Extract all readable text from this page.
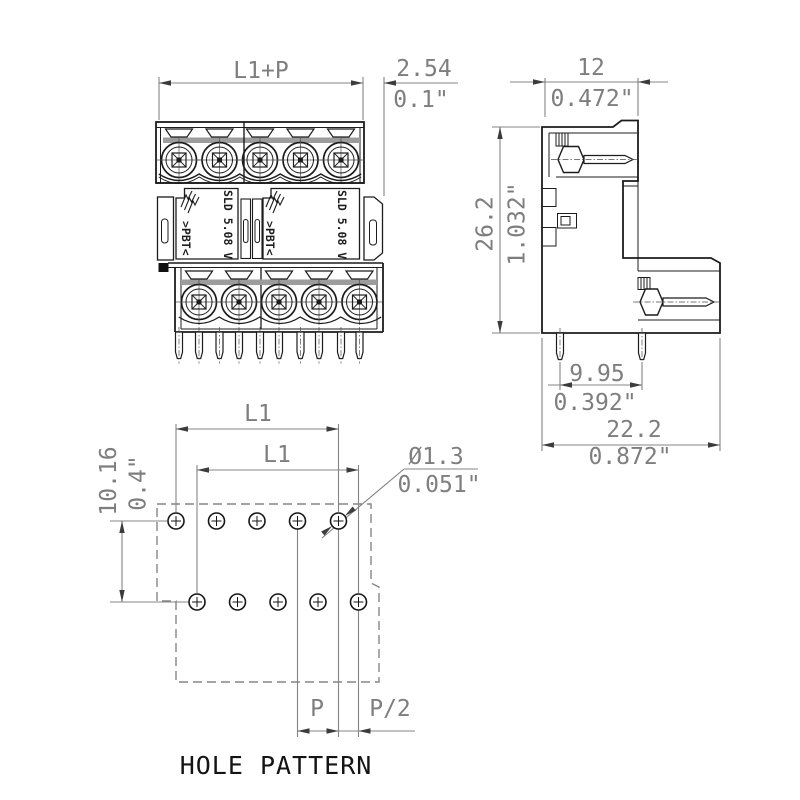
SLD 5.08 V	SLD 5.08 V
>PBT<	>PBT<
L1+P	2.54
0.1"
12
0.472"
26.2 1.032"
9.95
0.392"
22.2
0.872"
L1
L1
10.16 0.4"	Ø1.3
0.051"
P P/2
HOLE PATTERN
